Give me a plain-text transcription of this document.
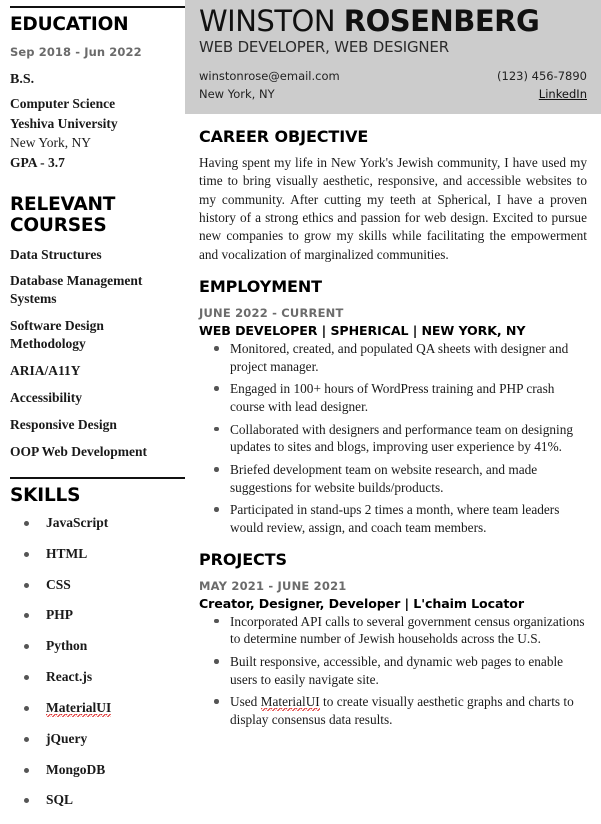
EDUCATION
Sep 2018 - Jun 2022
B.S.
Computer Science
Yeshiva University
New York, NY
GPA - 3.7
RELEVANT COURSES
Data Structures
Database Management Systems
Software Design Methodology
ARIA/A11Y
Accessibility
Responsive Design
OOP Web Development
SKILLS
JavaScript
HTML
CSS
PHP
Python
React.js
MaterialUI
jQuery
MongoDB
SQL
WINSTON ROSENBERG
WEB DEVELOPER, WEB DESIGNER
winstonrose@email.com	(123) 456-7890
New York, NY	LinkedIn
CAREER OBJECTIVE

Having spent my life in New York's Jewish community, I have used my time to bring visually aesthetic, responsive, and accessible websites to my community. After cutting my teeth at Spherical, I have a proven history of a strong ethics and passion for web design. Excited to pursue new companies to grow my skills while facilitating the empowerment and vocalization of marginalized communities.

EMPLOYMENT
JUNE 2022 - CURRENT
WEB DEVELOPER | SPHERICAL | NEW YORK, NY
Monitored, created, and populated QA sheets with designer and project manager.
Engaged in 100+ hours of WordPress training and PHP crash course with lead designer.
Collaborated with designers and performance team on designing updates to sites and blogs, improving user experience by 41%.
Briefed development team on website research, and made suggestions for website builds/products.
Participated in stand-ups 2 times a month, where team leaders would review, assign, and coach team members.
PROJECTS
MAY 2021 - JUNE 2021
Creator, Designer, Developer | L'chaim Locator
Incorporated API calls to several government census organizations to determine number of Jewish households across the U.S.
Built responsive, accessible, and dynamic web pages to enable users to easily navigate site.
Used MaterialUI to create visually aesthetic graphs and charts to display consensus data results.
